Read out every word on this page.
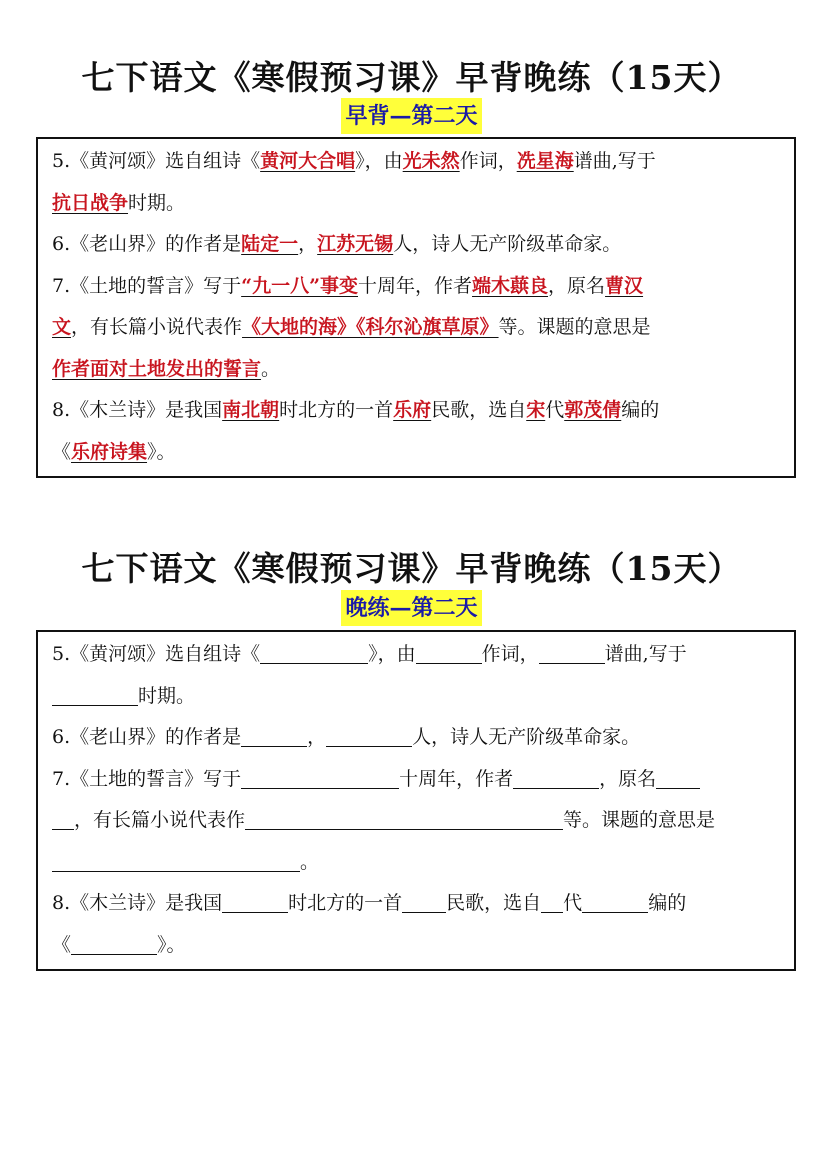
七下语文《寒假预习课》早背晚练（15天）
早背—第二天
5.《黄河颂》选自组诗《黄河大合唱》，由光未然作词，冼星海谱曲,写于
抗日战争时期。
6.《老山界》的作者是陆定一，江苏无锡人，诗人无产阶级革命家。
7.《土地的誓言》写于“九一八”事变十周年，作者端木蕻良，原名曹汉
文，有长篇小说代表作《大地的海》《科尔沁旗草原》等。课题的意思是
作者面对土地发出的誓言。
8.《木兰诗》是我国南北朝时北方的一首乐府民歌，选自宋代郭茂倩编的
《乐府诗集》。
七下语文《寒假预习课》早背晚练（15天）
晚练—第二天
5.《黄河颂》选自组诗《	》，由	作词，	谱曲,写于
时期。
6.《老山界》的作者是	，	人，诗人无产阶级革命家。
7.《土地的誓言》写于	十周年，作者	，原名
，有长篇小说代表作	等。课题的意思是
。
8.《木兰诗》是我国	时北方的一首 民歌，选自 代	编的
《	》。
